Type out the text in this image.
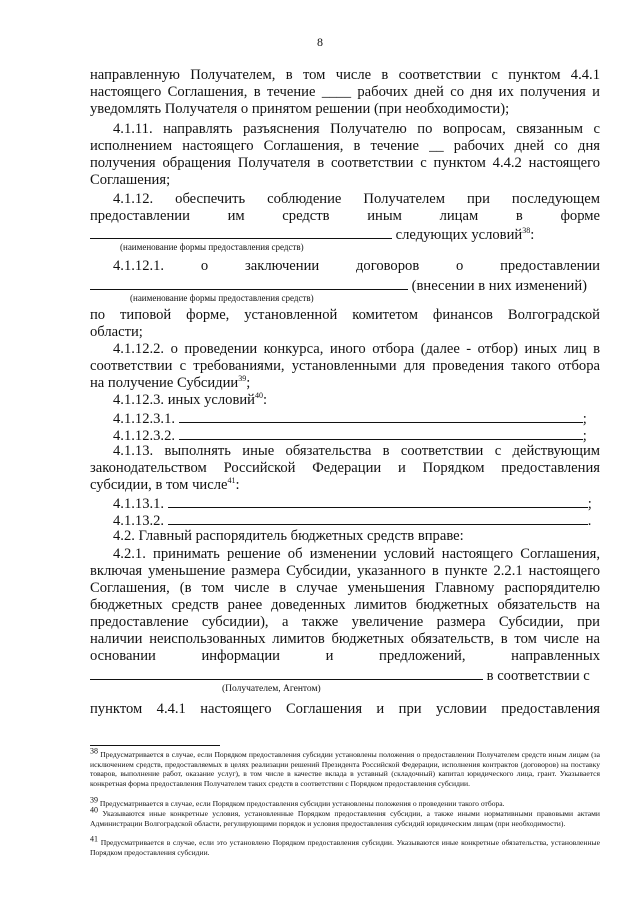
8
направленную Получателем, в том числе в соответствии с пунктом 4.4.1
настоящего Соглашения, в течение ____ рабочих дней со дня их получения и
уведомлять Получателя о принятом решении (при необходимости);
4.1.11. направлять разъяснения Получателю по вопросам, связанным с
исполнением настоящего Соглашения, в течение __ рабочих дней со дня
получения обращения Получателя в соответствии с пунктом 4.4.2 настоящего
Соглашения;
4.1.12. обеспечить соблюдение Получателем при последующем
предоставлении им средств иным лицам в форме
следующих условий$^{38}$:
(наименование формы предоставления средств)
4.1.12.1. о заключении договоров о предоставлении
(внесении в них изменений)
(наименование формы предоставления средств)
по типовой форме, установленной комитетом финансов Волгоградской
области;
4.1.12.2. о проведении конкурса, иного отбора (далее - отбор) иных лиц в
соответствии с требованиями, установленными для проведения такого отбора
на получение Субсидии$^{39}$;
4.1.12.3. иных условий$^{40}$:
4.1.12.3.1.	;
4.1.12.3.2.	;
4.1.13. выполнять иные обязательства в соответствии с действующим
законодательством Российской Федерации и Порядком предоставления
субсидии, в том числе$^{41}$:
4.1.13.1.	;
4.1.13.2.	.
4.2. Главный распорядитель бюджетных средств вправе:
4.2.1. принимать решение об изменении условий настоящего Соглашения,
включая уменьшение размера Субсидии, указанного в пункте 2.2.1 настоящего
Соглашения, (в том числе в случае уменьшения Главному распорядителю
бюджетных средств ранее доведенных лимитов бюджетных обязательств на
предоставление субсидии), а также увеличение размера Субсидии, при
наличии неиспользованных лимитов бюджетных обязательств, в том числе на
основании информации и предложений, направленных
в соответствии с
(Получателем, Агентом)
пунктом 4.4.1 настоящего Соглашения и при условии предоставления
$^{38}$ Предусматривается в случае, если Порядком предоставления субсидии установлены положения о предоставлении Получателем средств иным лицам (за исключением средств, предоставляемых в целях реализации решений Президента Российской Федерации, исполнения контрактов (договоров) на поставку товаров, выполнение работ, оказание услуг), в том числе в качестве вклада в уставный (складочный) капитал юридического лица, грант. Указывается конкретная форма предоставления Получателем таких средств в соответствии с Порядком предоставления субсидии.
$^{39}$ Предусматривается в случае, если Порядком предоставления субсидии установлены положения о проведении такого отбора.
$^{40}$ Указываются иные конкретные условия, установленные Порядком предоставления субсидии, а также иными нормативными правовыми актами Администрации Волгоградской области, регулирующими порядок и условия предоставления субсидий юридическим лицам (при необходимости).
$^{41}$ Предусматривается в случае, если это установлено Порядком предоставления субсидии. Указываются иные конкретные обязательства, установленные Порядком предоставления субсидии.
